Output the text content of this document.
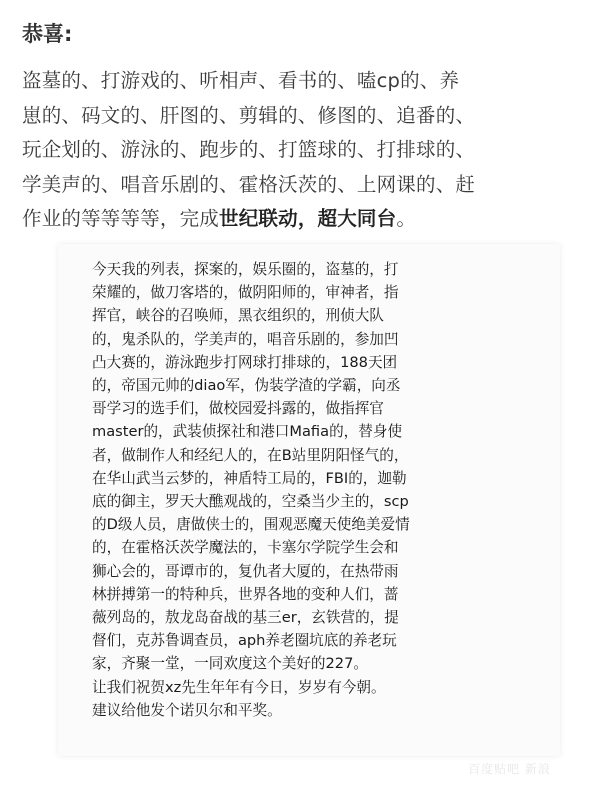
恭喜:
盗墓的、打游戏的、听相声、看书的、嗑cp的、养
崽的、码文的、肝图的、剪辑的、修图的、追番的、
玩企划的、游泳的、跑步的、打篮球的、打排球的、
学美声的、唱音乐剧的、霍格沃茨的、上网课的、赶
作业的等等等等，完成世纪联动，超大同台。
今天我的列表，探案的，娱乐圈的，盗墓的，打
荣耀的，做刀客塔的，做阴阳师的，审神者，指
挥官，峡谷的召唤师，黑衣组织的，刑侦大队
的，鬼杀队的，学美声的，唱音乐剧的，参加凹
凸大赛的，游泳跑步打网球打排球的，188天团
的，帝国元帅的diao军，伪装学渣的学霸，向丞
哥学习的选手们，做校园爱抖露的，做指挥官
master的，武装侦探社和港口Mafia的，替身使
者，做制作人和经纪人的，在B站里阴阳怪气的，
在华山武当云梦的，神盾特工局的，FBI的，迦勒
底的御主，罗天大醮观战的，空桑当少主的，scp
的D级人员，唐做侠士的，围观恶魔天使绝美爱情
的，在霍格沃茨学魔法的，卡塞尔学院学生会和
狮心会的，哥谭市的，复仇者大厦的，在热带雨
林拼搏第一的特种兵，世界各地的变种人们，蔷
薇列岛的，敖龙岛奋战的基三er，玄铁营的，提
督们，克苏鲁调查员，aph养老圈坑底的养老玩
家，齐聚一堂，一同欢度这个美好的227。
让我们祝贺xz先生年年有今日，岁岁有今朝。
建议给他发个诺贝尔和平奖。
百度贴吧 新浪
